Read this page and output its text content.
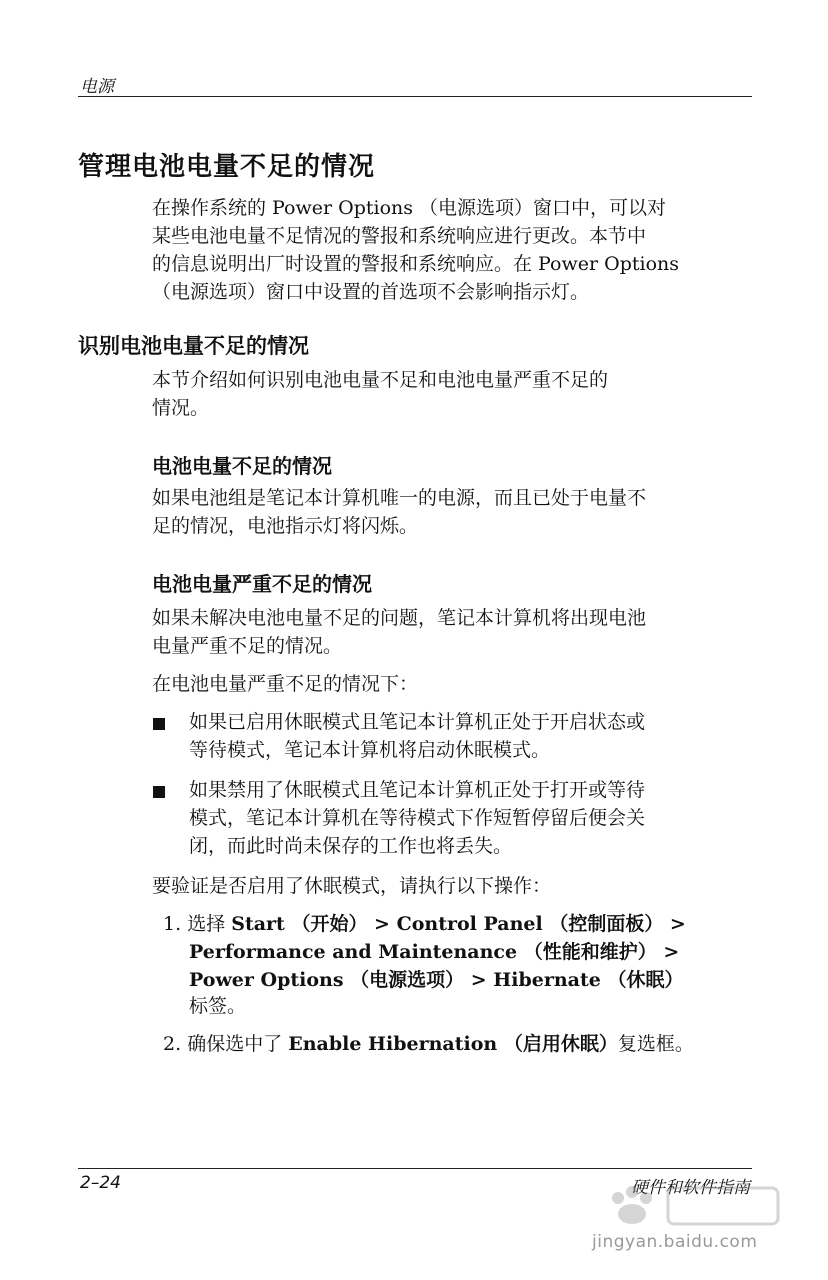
电源
管理电池电量不足的情况
在操作系统的 Power Options （电源选项）窗口中，可以对
某些电池电量不足情况的警报和系统响应进行更改。本节中
的信息说明出厂时设置的警报和系统响应。在 Power Options
（电源选项）窗口中设置的首选项不会影响指示灯。
识别电池电量不足的情况
本节介绍如何识别电池电量不足和电池电量严重不足的
情况。
电池电量不足的情况
如果电池组是笔记本计算机唯一的电源，而且已处于电量不
足的情况，电池指示灯将闪烁。
电池电量严重不足的情况
如果未解决电池电量不足的问题，笔记本计算机将出现电池
电量严重不足的情况。
在电池电量严重不足的情况下：
如果已启用休眠模式且笔记本计算机正处于开启状态或
等待模式，笔记本计算机将启动休眠模式。
如果禁用了休眠模式且笔记本计算机正处于打开或等待
模式，笔记本计算机在等待模式下作短暂停留后便会关
闭，而此时尚未保存的工作也将丢失。
要验证是否启用了休眠模式，请执行以下操作：
1. 选择 Start （开始） > Control Panel （控制面板） >
Performance and Maintenance （性能和维护） >
Power Options （电源选项） > Hibernate （休眠）
标签。
2. 确保选中了 Enable Hibernation （启用休眠）复选框。
2–24	硬件和软件指南
jingyan.baidu.com
